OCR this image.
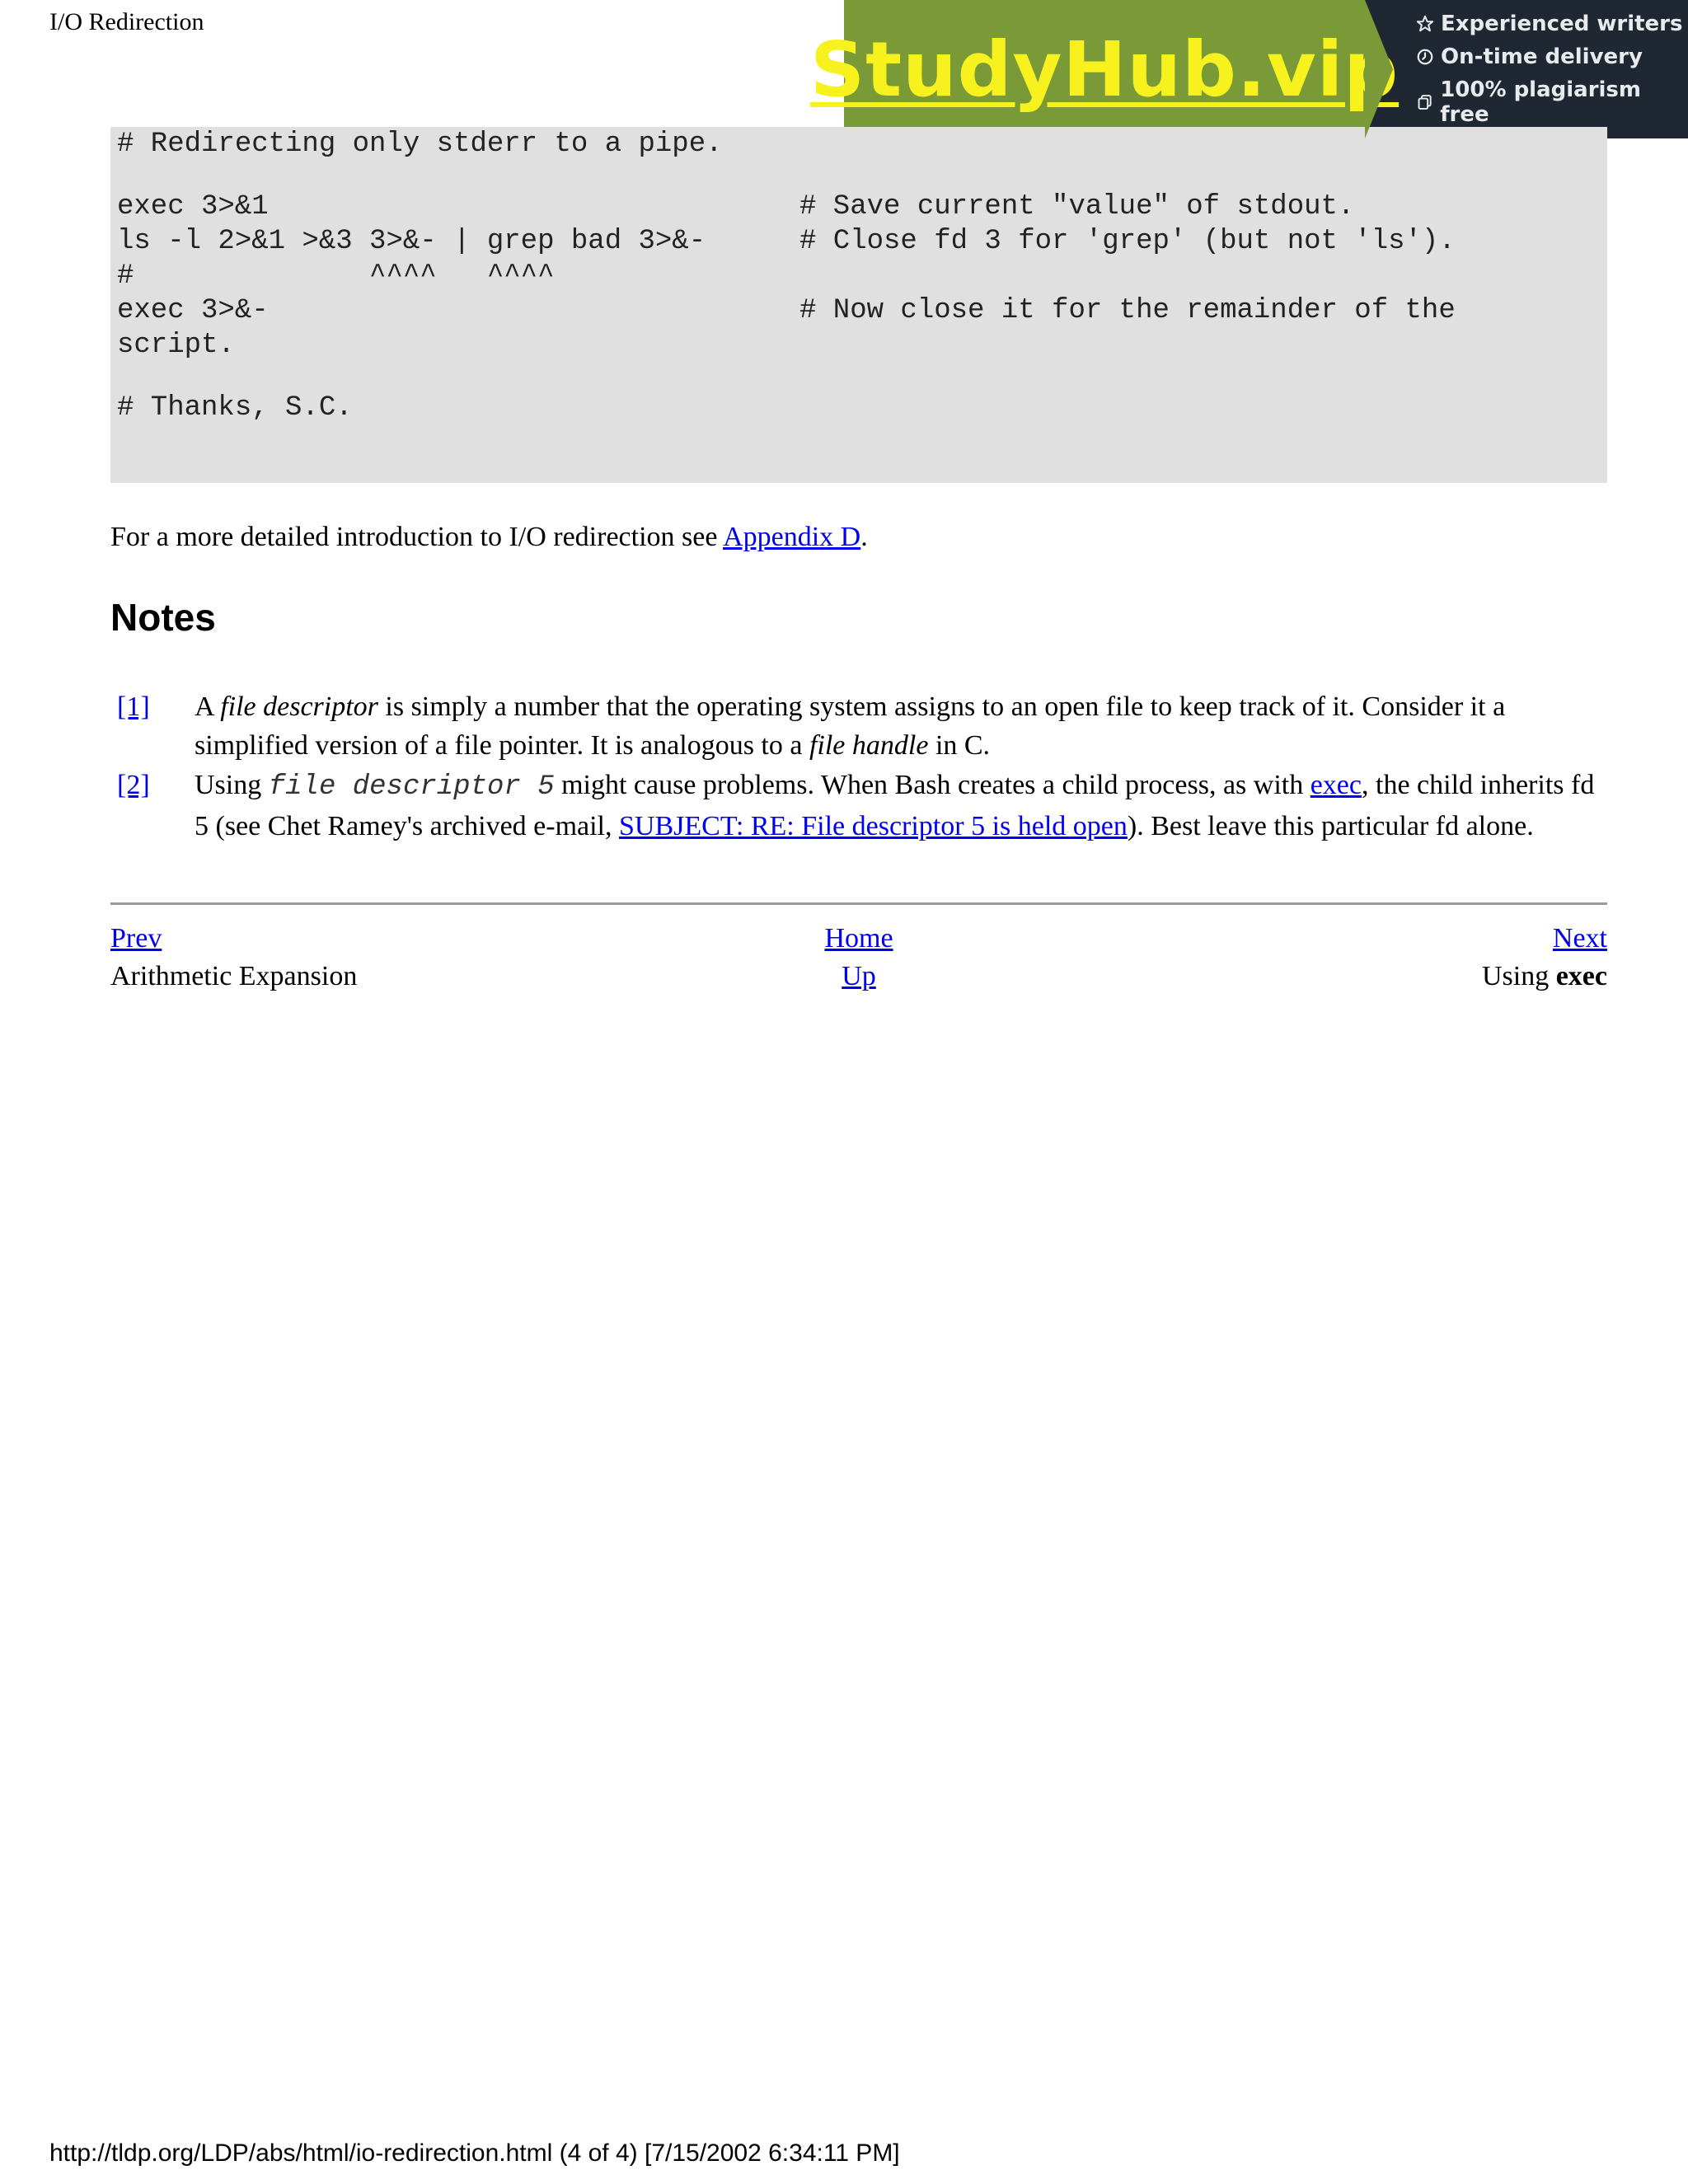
I/O Redirection
StudyHub.vip
Experienced writers
On-time delivery
100% plagiarism free
# Redirecting only stderr to a pipe.
exec 3>&1	# Save current "value" of stdout.
ls -l 2>&1 >&3 3>&- | grep bad 3>&-	# Close fd 3 for 'grep' (but not 'ls').
#              ^^^^   ^^^^
exec 3>&-	# Now close it for the remainder of the
script.
# Thanks, S.C.
For a more detailed introduction to I/O redirection see Appendix D.
Notes
[1] A file descriptor is simply a number that the operating system assigns to an open file to keep track of it. Consider it a simplified version of a file pointer. It is analogous to a file handle in C.
[2] Using file descriptor 5 might cause problems. When Bash creates a child process, as with exec, the child inherits fd 5 (see Chet Ramey's archived e-mail, SUBJECT: RE: File descriptor 5 is held open). Best leave this particular fd alone.
Prev	Home	Next
Arithmetic Expansion	Up	Using exec
http://tldp.org/LDP/abs/html/io-redirection.html (4 of 4) [7/15/2002 6:34:11 PM]
